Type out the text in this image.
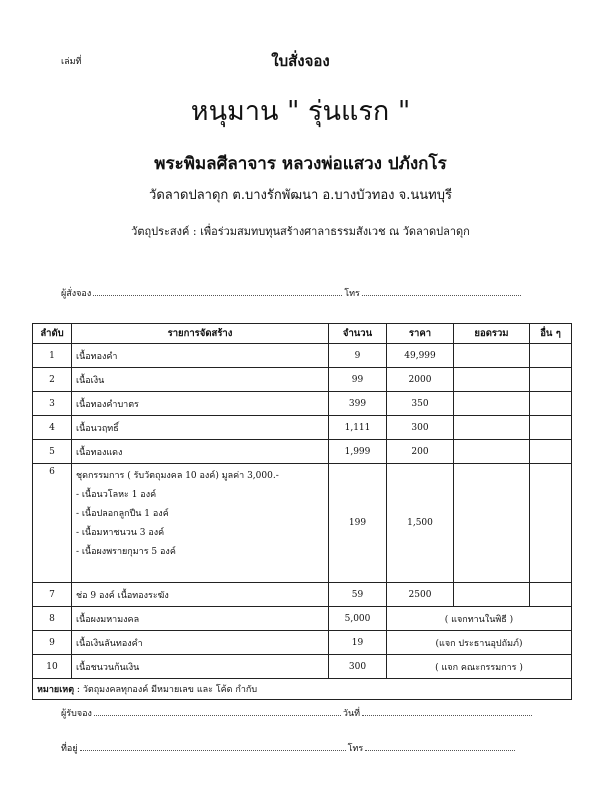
เล่มที่	ใบสั่งจอง
หนุมาน " รุ่นแรก "
พระพิมลศีลาจาร หลวงพ่อแสวง ปภังกโร
วัดลาดปลาดุก ต.บางรักพัฒนา อ.บางบัวทอง จ.นนทบุรี
วัตถุประสงค์ : เพื่อร่วมสมทบทุนสร้างศาลาธรรมสังเวช ณ วัดลาดปลาดุก
ผู้สั่งจอง	โทร
ลำดับ	รายการจัดสร้าง	จำนวน	ราคา	ยอดรวม	อื่น ๆ
1	เนื้อทองคำ	9	49,999		
2	เนื้อเงิน	99	2000		
3	เนื้อทองคำบาตร	399	350		
4	เนื้อนวฤทธิ์	1,111	300		
5	เนื้อทองแดง	1,999	200		
6	ชุดกรรมการ ( รับวัตถุมงคล 10 องค์) มูลค่า 3,000.-
- เนื้อนวโลหะ 1 องค์
- เนื้อปลอกลูกปืน 1 องค์
- เนื้อมหาชนวน 3 องค์
- เนื้อผงพรายกุมาร 5 องค์	199	1,500		
7	ช่อ 9 องค์ เนื้อทองระฆัง	59	2500		
8	เนื้อผงมหามงคล	5,000	( แจกทานในพิธี )		
9	เนื้อเงินลันทองคำ	19	(แจก ประธานอุปถัมภ์)		
10	เนื้อชนวนก้นเงิน	300	( แจก คณะกรรมการ )		
หมายเหตุ : วัตถุมงคลทุกองค์ มีหมายเลข และ โค้ด กำกับ					
ผู้รับจอง	วันที่
ที่อยู่	โทร
